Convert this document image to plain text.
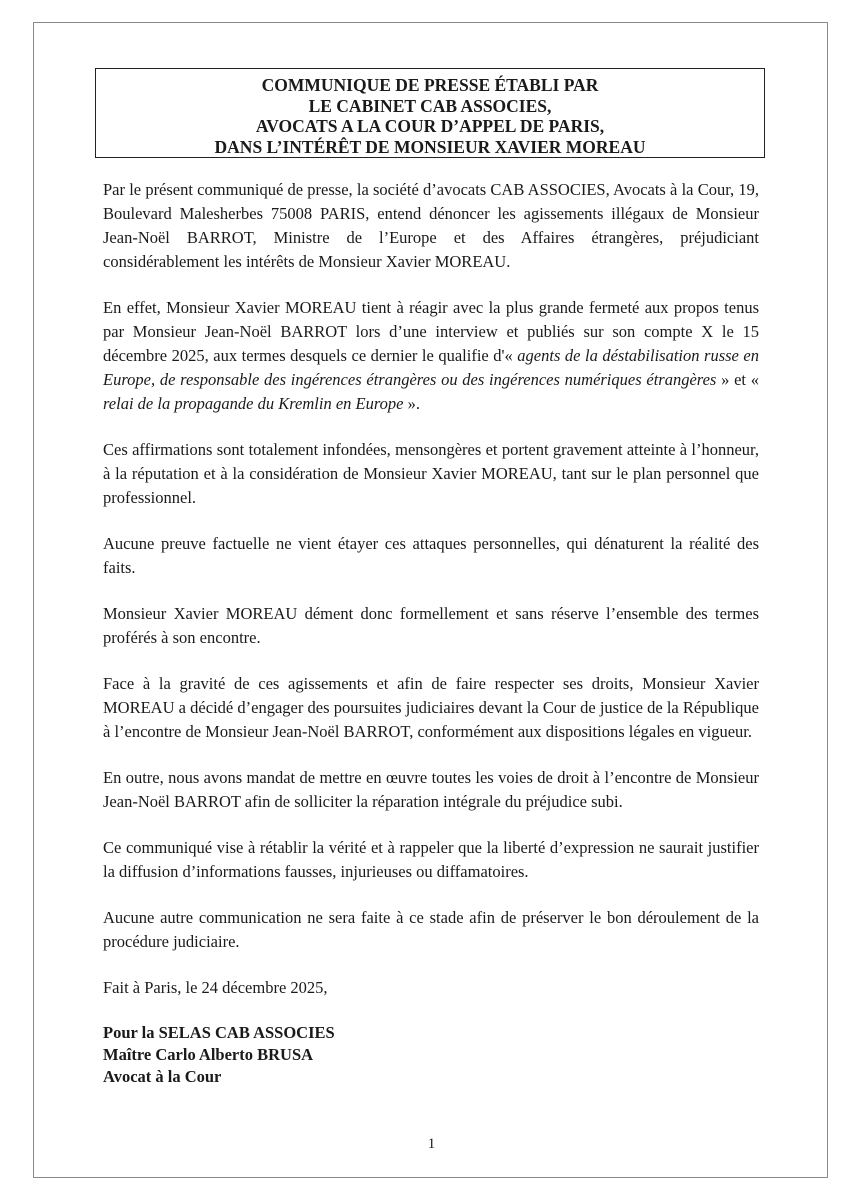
COMMUNIQUE DE PRESSE ÉTABLI PAR
LE CABINET CAB ASSOCIES,
AVOCATS A LA COUR D’APPEL DE PARIS,
DANS L’INTÉRÊT DE MONSIEUR XAVIER MOREAU

Par le présent communiqué de presse, la société d’avocats CAB ASSOCIES, Avocats à la Cour, 19, Boulevard Malesherbes 75008 PARIS, entend dénoncer les agissements illégaux de Monsieur Jean-Noël BARROT, Ministre de l’Europe et des Affaires étrangères, préjudiciant considérablement les intérêts de Monsieur Xavier MOREAU.

En effet, Monsieur Xavier MOREAU tient à réagir avec la plus grande fermeté aux propos tenus par Monsieur Jean-Noël BARROT lors d’une interview et publiés sur son compte X le 15 décembre 2025, aux termes desquels ce dernier le qualifie d'« agents de la déstabilisation russe en Europe, de responsable des ingérences étrangères ou des ingérences numériques étrangères » et « relai de la propagande du Kremlin en Europe ».

Ces affirmations sont totalement infondées, mensongères et portent gravement atteinte à l’honneur, à la réputation et à la considération de Monsieur Xavier MOREAU, tant sur le plan personnel que professionnel.

Aucune preuve factuelle ne vient étayer ces attaques personnelles, qui dénaturent la réalité des faits.

Monsieur Xavier MOREAU dément donc formellement et sans réserve l’ensemble des termes proférés à son encontre.

Face à la gravité de ces agissements et afin de faire respecter ses droits, Monsieur Xavier MOREAU a décidé d’engager des poursuites judiciaires devant la Cour de justice de la République à l’encontre de Monsieur Jean-Noël BARROT, conformément aux dispositions légales en vigueur.

En outre, nous avons mandat de mettre en œuvre toutes les voies de droit à l’encontre de Monsieur Jean-Noël BARROT afin de solliciter la réparation intégrale du préjudice subi.

Ce communiqué vise à rétablir la vérité et à rappeler que la liberté d’expression ne saurait justifier la diffusion d’informations fausses, injurieuses ou diffamatoires.

Aucune autre communication ne sera faite à ce stade afin de préserver le bon déroulement de la procédure judiciaire.

Fait à Paris, le 24 décembre 2025,

Pour la SELAS CAB ASSOCIES

Maître Carlo Alberto BRUSA

Avocat à la Cour

1
